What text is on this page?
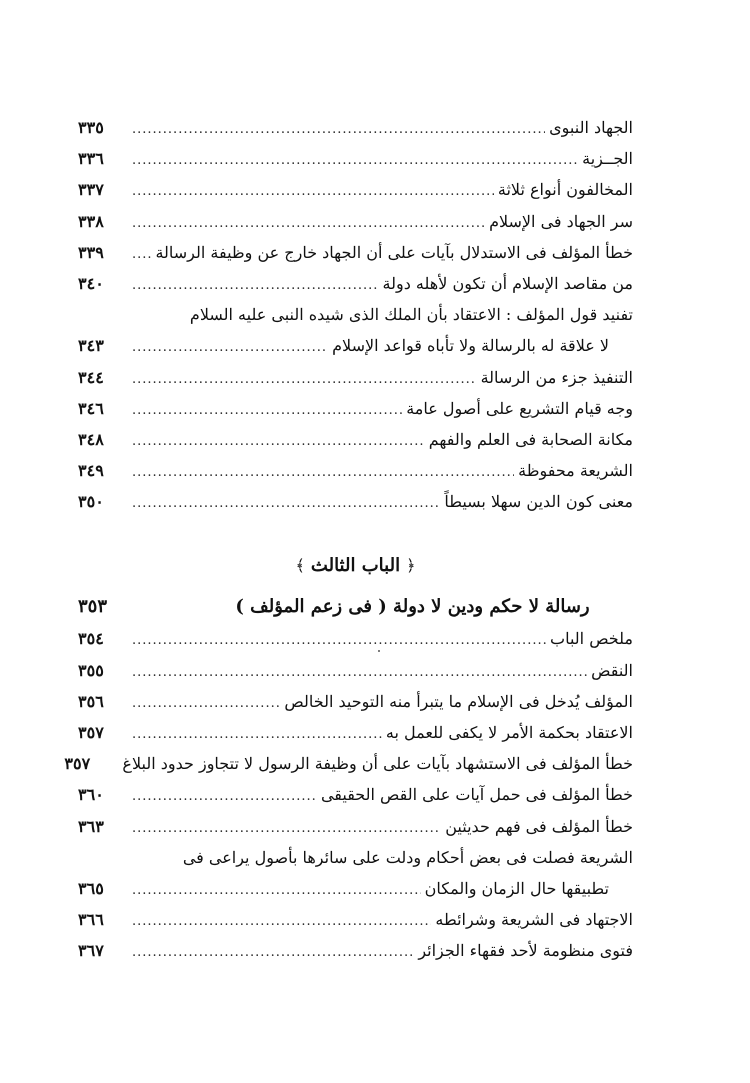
الجهاد النبوى
.....
٣٣٥
الجــزية
.....
٣٣٦
المخالفون أنواع ثلاثة
.....
٣٣٧
سر الجهاد فى الإسلام
.....
٣٣٨
خطأ المؤلف فى الاستدلال بآيات على أن الجهاد خارج عن وظيفة الرسالة
.....
٣٣٩
من مقاصد الإسلام أن تكون لأهله دولة
.....
٣٤٠
تفنيد قول المؤلف : الاعتقاد بأن الملك الذى شيده النبى عليه السلام
لا علاقة له بالرسالة ولا تأباه قواعد الإسلام
.....
٣٤٣
التنفيذ جزء من الرسالة
.....
٣٤٤
وجه قيام التشريع على أصول عامة
.....
٣٤٦
مكانة الصحابة فى العلم والفهم
.....
٣٤٨
الشريعة محفوظة
.....
٣٤٩
معنى كون الدين سهلا بسيطاً
.....
٣٥٠
﴿الباب الثالث﴾
رسالة لا حكم ودين لا دولة ( فى زعم المؤلف )
٣٥٣
ملخص الباب
.....
٣٥٤
النقض
.....
٣٥٥
المؤلف يُدخل فى الإسلام ما يتبرأ منه التوحيد الخالص
.....
٣٥٦
الاعتقاد بحكمة الأمر لا يكفى للعمل به
.....
٣٥٧
خطأ المؤلف فى الاستشهاد بآيات على أن وظيفة الرسول لا تتجاوز حدود البلاغ
٣٥٧
خطأ المؤلف فى حمل آيات على القص الحقيقى
.....
٣٦٠
خطأ المؤلف فى فهم حديثين
.....
٣٦٣
الشريعة فصلت فى بعض أحكام ودلت على سائرها بأصول يراعى فى
تطبيقها حال الزمان والمكان
.....
٣٦٥
الاجتهاد فى الشريعة وشرائطه
.....
٣٦٦
فتوى منظومة لأحد فقهاء الجزائر
.....
٣٦٧
